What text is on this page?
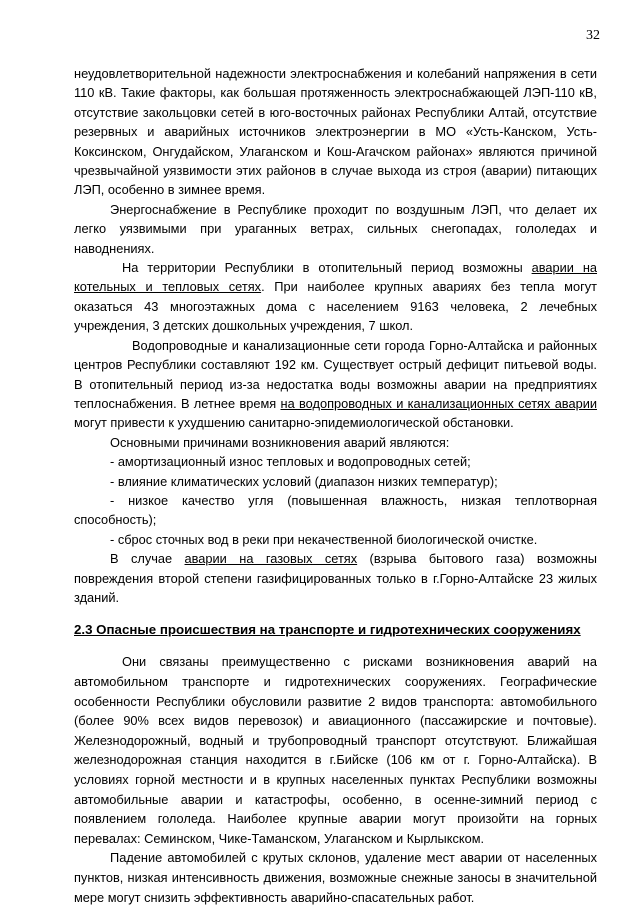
32

неудовлетворительной надежности электроснабжения и колебаний напряжения в сети 110 кВ. Такие факторы, как большая протяженность электроснабжающей ЛЭП-110 кВ, отсутствие закольцовки сетей в юго-восточных районах Республики Алтай, отсутствие резервных и аварийных источников электроэнергии в МО «Усть-Канском, Усть-Коксинском, Онгудайском, Улаганском и Кош-Агачском районах» являются причиной чрезвычайной уязвимости этих районов в случае выхода из строя (аварии) питающих ЛЭП, особенно в зимнее время.

Энергоснабжение в Республике проходит по воздушным ЛЭП, что делает их легко уязвимыми при ураганных ветрах, сильных снегопадах, гололедах и наводнениях.

На территории Республики в отопительный период возможны аварии на котельных и тепловых сетях. При наиболее крупных авариях без тепла могут оказаться 43 многоэтажных дома с населением 9163 человека, 2 лечебных учреждения, 3 детских дошкольных учреждения, 7 школ.

Водопроводные и канализационные сети города Горно-Алтайска и районных центров Республики составляют 192 км. Существует острый дефицит питьевой воды. В отопительный период из-за недостатка воды возможны аварии на предприятиях теплоснабжения. В летнее время на водопроводных и канализационных сетях аварии могут привести к ухудшению санитарно-эпидемиологической обстановки.

Основными причинами возникновения аварий являются:

- амортизационный износ тепловых и водопроводных сетей;

- влияние климатических условий (диапазон низких температур);

- низкое качество угля (повышенная влажность, низкая теплотворная способность);

- сброс сточных вод в реки при некачественной биологической очистке.

В случае аварии на газовых сетях (взрыва бытового газа) возможны повреждения второй степени газифицированных только в г.Горно-Алтайске 23 жилых зданий.

2.3 Опасные происшествия на транспорте и гидротехнических сооружениях

Они связаны преимущественно с рисками возникновения аварий на автомобильном транспорте и гидротехнических сооружениях. Географические особенности Республики обусловили развитие 2 видов транспорта: автомобильного (более 90% всех видов перевозок) и авиационного (пассажирские и почтовые). Железнодорожный, водный и трубопроводный транспорт отсутствуют. Ближайшая железнодорожная станция находится в г.Бийске (106 км от г. Горно-Алтайска). В условиях горной местности и в крупных населенных пунктах Республики возможны автомобильные аварии и катастрофы, особенно, в осенне-зимний период с появлением гололеда. Наиболее крупные аварии могут произойти на горных перевалах: Семинском, Чике-Таманском, Улаганском и Кырлыкском.

Падение автомобилей с крутых склонов, удаление мест аварии от населенных пунктов, низкая интенсивность движения, возможные снежные заносы в значительной мере могут снизить эффективность аварийно-спасательных работ.
